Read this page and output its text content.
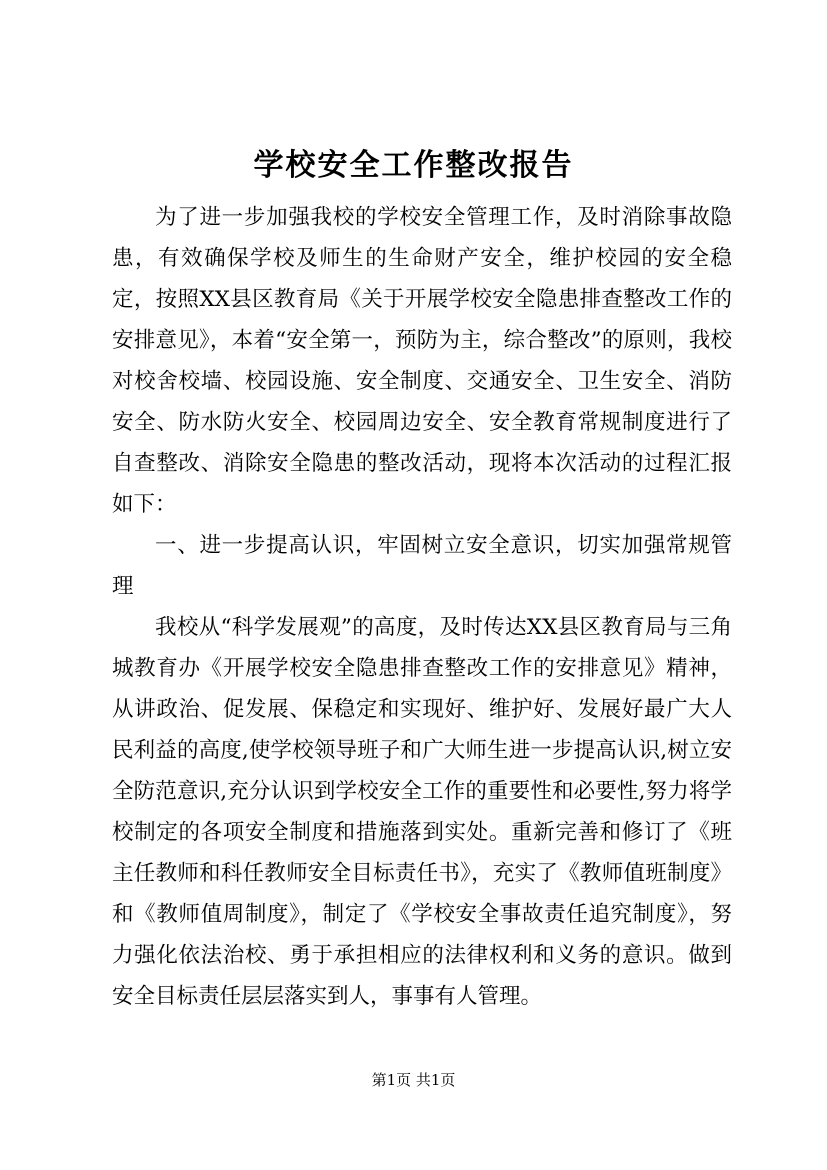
学校安全工作整改报告

为了进一步加强我校的学校安全管理工作，及时消除事故隐患，有效确保学校及师生的生命财产安全，维护校园的安全稳定，按照XX县区教育局《关于开展学校安全隐患排查整改工作的安排意见》，本着“安全第一，预防为主，综合整改”的原则，我校对校舍校墙、校园设施、安全制度、交通安全、卫生安全、消防安全、防水防火安全、校园周边安全、安全教育常规制度进行了自查整改、消除安全隐患的整改活动，现将本次活动的过程汇报如下：

一、进一步提高认识，牢固树立安全意识，切实加强常规管理

我校从“科学发展观”的高度，及时传达XX县区教育局与三角城教育办《开展学校安全隐患排查整改工作的安排意见》精神，从讲政治、促发展、保稳定和实现好、维护好、发展好最广大人民利益的高度,使学校领导班子和广大师生进一步提高认识,树立安全防范意识,充分认识到学校安全工作的重要性和必要性,努力将学校制定的各项安全制度和措施落到实处。重新完善和修订了《班主任教师和科任教师安全目标责任书》，充实了《教师值班制度》和《教师值周制度》，制定了《学校安全事故责任追究制度》，努力强化依法治校、勇于承担相应的法律权利和义务的意识。做到安全目标责任层层落实到人，事事有人管理。

第1页 共1页
